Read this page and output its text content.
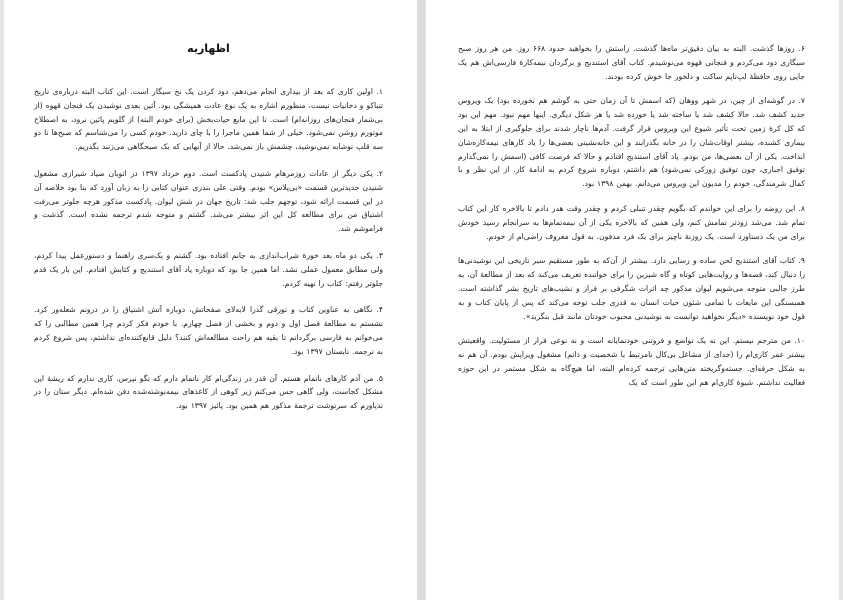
اظهاریه

۱. اولین کاری که بعد از بیداری انجام می‌دهم، دود کردن یک نخ سیگار است. این کتاب البته درباره‌ی تاریخ تنباکو و دخانیات نیست، منظورم اشاره به یک نوع عادت همیشگی بود. آئین بعدی نوشیدن یک فنجان قهوه (از بی‌شمار فنجان‌های روزانه‌ام) است. تا این مایع حیات‌بخش (برای خودم البته) از گلویم پائین نرود، به اصطلاح موتورم روشن نمی‌شود. خیلی از شما همین ماجرا را با چای دارید. خودم کسی را می‌شناسم که صبح‌ها تا دو سه قلپ نوشابه نمی‌نوشید، چشمش باز نمی‌شد. حالا از آنهایی که یک صبحگاهی می‌زنند بگذریم.

۲. یکی دیگر از عادات روزمرهام شنیدن پادکست است. دوم خرداد ۱۳۹۷ در اتوبان صیاد شیرازی مشغول شنیدن جدیدترین قسمت «بی‌پلاس» بودم. وقتی علی بندری عنوان کتابی را به زبان آورد که بنا بود خلاصه آن در این قسمت ارائه شود، توجهم جلب شد: تاریخ جهان در شش لیوان. پادکست مذکور هرچه جلوتر می‌رفت اشتیاق من برای مطالعه کل این اثر بیشتر می‌شد. گشتم و متوجه شدم ترجمه نشده است. گذشت و فراموشم شد.

۳. یکی دو ماه بعد خورهٔ شراب‌اندازی به جانم افتاده بود. گشتم و یک‌سری راهنما و دستورعمل پیدا کردم، ولی مطابق معمول عملی نشد. اما همین جا بود که دوباره یاد آقای استندیج و کتابش افتادم. این بار یک قدم جلوتر رفتم: کتاب را تهیه کردم.

۴. نگاهی به عناوین کتاب و تورقی گذرا لابه‌لای صفحاتش، دوباره آتش اشتیاق را در درونم شعله‌ور کرد. نشستم به مطالعهٔ فصل اول و دوم و بخشی از فصل چهارم. با خودم فکر کردم چرا همین مطالبی را که می‌خوانم به فارسی برگردانم تا بقیه هم راحت مطالعه‌اش کنند؟ دلیل قانع‌کننده‌ای نداشتم، پس شروع کردم به ترجمه. تابستان ۱۳۹۷ بود.

۵. من آدم کارهای ناتمام هستم. آن قدر در زندگی‌ام کار ناتمام دارم که نگو نپرس. کاری ندارم که ریشهٔ این مشکل کجاست، ولی گاهی حس می‌کنم زیر کوهی از کاغذهای نیمه‌نوشته‌شده دفن شده‌ام. دیگر ستان را در ندیاورم که سرنوشت ترجمهٔ مذکور هم همین بود. پائیز ۱۳۹۷ بود.

۶. روزها گذشت. البته به بیان دقیق‌تر ماه‌ها گذشت. راستش را بخواهید حدود ۶۶۸ روز. من هر روز صبح سیگاری دود می‌کردم و فنجانی قهوه می‌نوشیدم. کتاب آقای استندیج و برگردان نیمه‌کارهٔ فارسی‌اش هم یک جایی روی حافظهٔ لپ‌تاپم ساکت و دلخور جا خوش کرده بودند.

۷. در گوشه‌ای از چین، در شهر ووهان (که اسمش تا آن زمان حتی به گوشم هم نخورده بود) یک ویروس جدید کشف شد. حالا کشف شد یا ساخته شد یا خورده شد یا هر شکل دیگری. اینها مهم نبود. مهم این بود که کل کرهٔ زمین تحت تأثیر شیوع این ویروس قرار گرفت. آدم‌ها ناچار شدند برای جلوگیری از ابتلا به این بیماری کشنده، بیشتر اوقات‌شان را در خانه بگذرانند و این خانه‌نشینی بعضی‌ها را یاد کارهای نیمه‌کاره‌شان انداخت. یکی از آن بعضی‌ها، من بودم. یاد آقای استندیج افتادم و حالا که فرصت کافی (اسمش را نمی‌گذارم توفیق اجباری، چون توفیق زورکی نمی‌شود) هم داشتم، دوباره شروع کردم به ادامهٔ کار. از این نظر و با کمال شرمندگی، خودم را مدیون این ویروس می‌دانم. بهمن ۱۳۹۸ بود.

۸. این روضه را برای این خواندم که بگویم چقدر تنبلی کردم و چقدر وقت هدر دادم تا بالاخره کار این کتاب تمام شد. می‌شد زودتر تمامش کنم، ولی همین که بالاخره یکی از آن نیمه‌تمام‌ها به سرانجام رسید خودش برای من یک دستاورد است. یک روزنهٔ ناچیز برای یک فرد مدفون. به قول معروف راضی‌ام از خودم.

۹. کتاب آقای استندیج لحن ساده و رسایی دارد. بیشتر از آن‌که به طور مستقیم سیر تاریخی این نوشیدنی‌ها را دنبال کند، قصه‌ها و روایت‌هایی کوتاه و گاه شیرین را برای خواننده تعریف می‌کند که بعد از مطالعهٔ آن، به طرز جالبی متوجه می‌شویم لیوان مذکور چه اثرات شگرفی بر فراز و نشیب‌های تاریخ بشر گذاشته است. همبستگی این مایعات با تمامی شئون حیات انسان به قدری جلب توجه می‌کند که پس از پایان کتاب و به قول خود نویسنده «دیگر نخواهید توانست به نوشیدنی محبوب خودتان مانند قبل بنگرید».

۱۰. من مترجم نیستم. این نه یک تواضع و فروتنی خودنمایانه است و نه نوعی فرار از مسئولیت. واقعیتش بیشتر عمر کاری‌ام را (جدای از مشاغل بی‌کال نامرتبط با شخصیت و ذاتم) مشغول ویرایش بودم. آن هم نه به شکل حرفه‌ای. جسته‌وگریخته متن‌هایی ترجمه کرده‌ام البته، اما هیچ‌گاه به شکل مستمر در این حوزه فعالیت نداشتم. شیوهٔ کاری‌ام هم این طور است که یک
